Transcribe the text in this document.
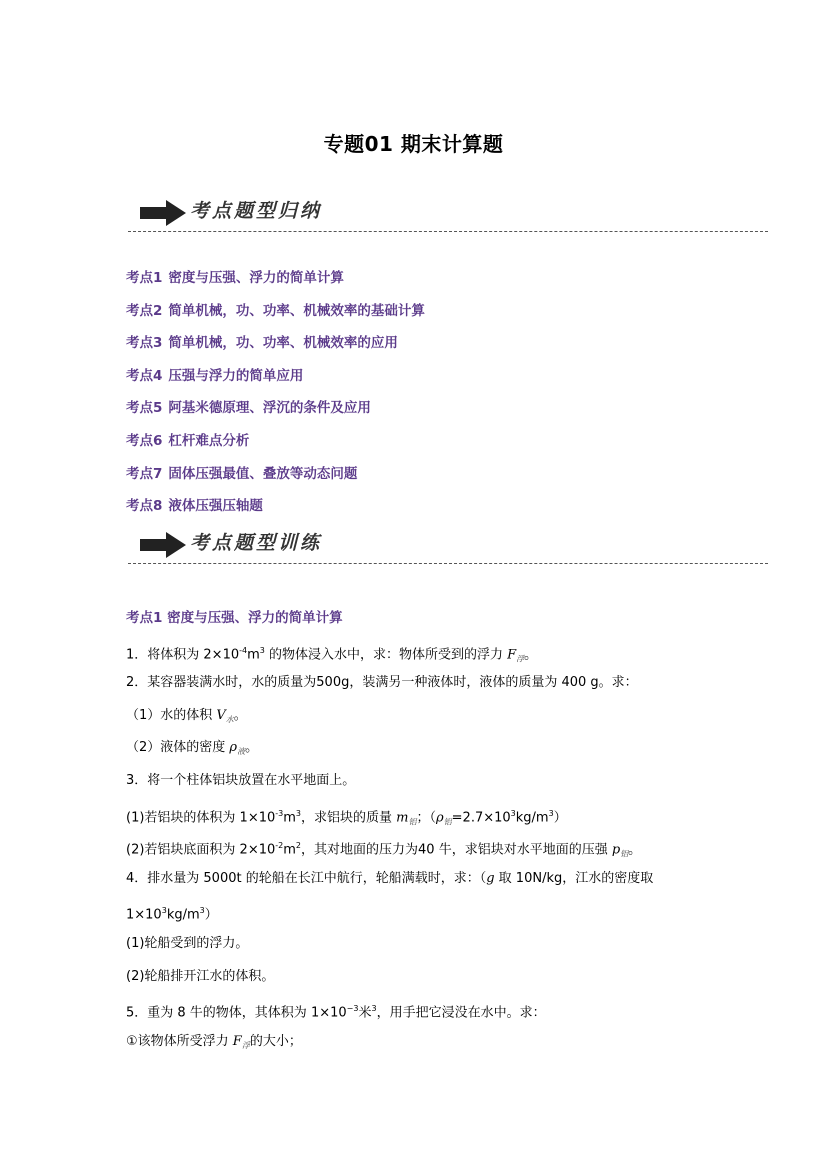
专题01 期末计算题
考点题型归纳
考点1 密度与压强、浮力的简单计算
考点2 简单机械，功、功率、机械效率的基础计算
考点3 简单机械，功、功率、机械效率的应用
考点4 压强与浮力的简单应用
考点5 阿基米德原理、浮沉的条件及应用
考点6 杠杆难点分析
考点7 固体压强最值、叠放等动态问题
考点8 液体压强压轴题
考点题型训练
考点1 密度与压强、浮力的简单计算
1．将体积为 $2\times 10^{-4}m^3$ 的物体浸入水中，求：物体所受到的浮力 $F_浮$。
2．某容器装满水时，水的质量为500g，装满另一种液体时，液体的质量为 400 g。求：
（1）水的体积 $V_水$。
（2）液体的密度 $\rho_液$。
3．将一个柱体铝块放置在水平地面上。
(1)若铝块的体积为 $1\times 10^{-3}m^3$，求铝块的质量 $m_铝$；$(\rho_铝=2.7\times 10^3kg/m^3)$
(2)若铝块底面积为 $2\times 10^{-2}m^2$，其对地面的压力为40 牛，求铝块对水平地面的压强 $p_铝$。
4．排水量为 5000t 的轮船在长江中航行，轮船满载时，求：（g 取 10N/kg，江水的密度取
$1\times 10^3kg/m^3$）
(1)轮船受到的浮力。
(2)轮船排开江水的体积。
5．重为 8 牛的物体，其体积为 $1\times 10^{-3}$米$^3$，用手把它浸没在水中。求：
①该物体所受浮力 $F_浮$的大小；
